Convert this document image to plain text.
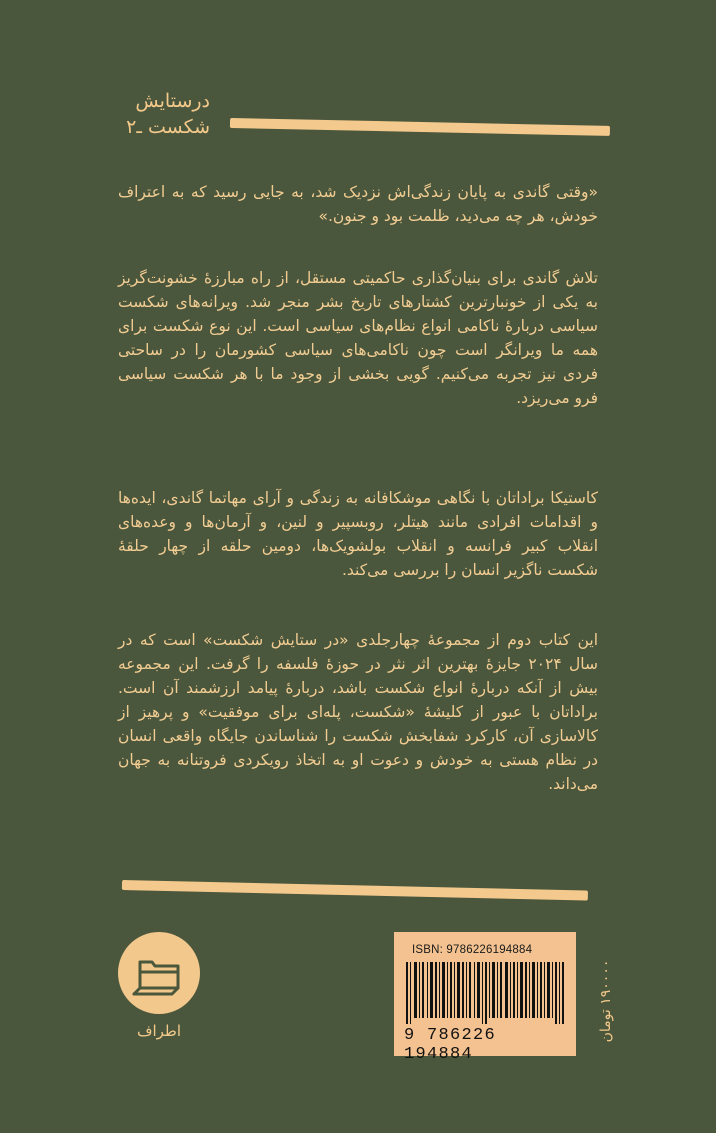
درستایش
شکست ـ۲
«وقتی گاندی به پایان زندگی‌اش نزدیک شد، به جایی رسید که به اعتراف خودش، هر چه می‌دید، ظلمت بود و جنون.»
تلاش گاندی برای بنیان‌گذاری حاکمیتی مستقل، از راه مبارزهٔ خشونت‌گریز به یکی از خونبارترین کشتارهای تاریخ بشر منجر شد. ویرانه‌های شکست سیاسی دربارهٔ ناکامی انواع نظام‌های سیاسی است. این نوع شکست برای همه ما ویرانگر است چون ناکامی‌های سیاسی کشورمان را در ساحتی فردی نیز تجربه می‌کنیم. گویی بخشی از وجود ما با هر شکست سیاسی فرو می‌ریزد.
کاستیکا براداتان با نگاهی موشکافانه به زندگی و آرای مهاتما گاندی، ایده‌ها و اقدامات افرادی مانند هیتلر، روبسپیر و لنین، و آرمان‌ها و وعده‌های انقلاب کبیر فرانسه و انقلاب بولشویک‌ها، دومین حلقه از چهار حلقهٔ شکست ناگزیر انسان را بررسی می‌کند.
این کتاب دوم از مجموعهٔ چهارجلدی «در ستایش شکست» است که در سال ۲۰۲۴ جایزهٔ بهترین اثر نثر در حوزهٔ فلسفه را گرفت. این مجموعه بیش از آنکه دربارهٔ انواع شکست باشد، دربارهٔ پیامد ارزشمند آن است. براداتان با عبور از کلیشهٔ «شکست، پله‌ای برای موفقیت» و پرهیز از کالاسازی آن، کارکرد شفابخش شکست را شناساندن جایگاه واقعی انسان در نظام هستی به خودش و دعوت او به اتخاذ رویکردی فروتنانه به جهان می‌داند.
اطراف
ISBN: 9786226194884
9 786226 194884
۱۹۰۰۰۰ تومان
